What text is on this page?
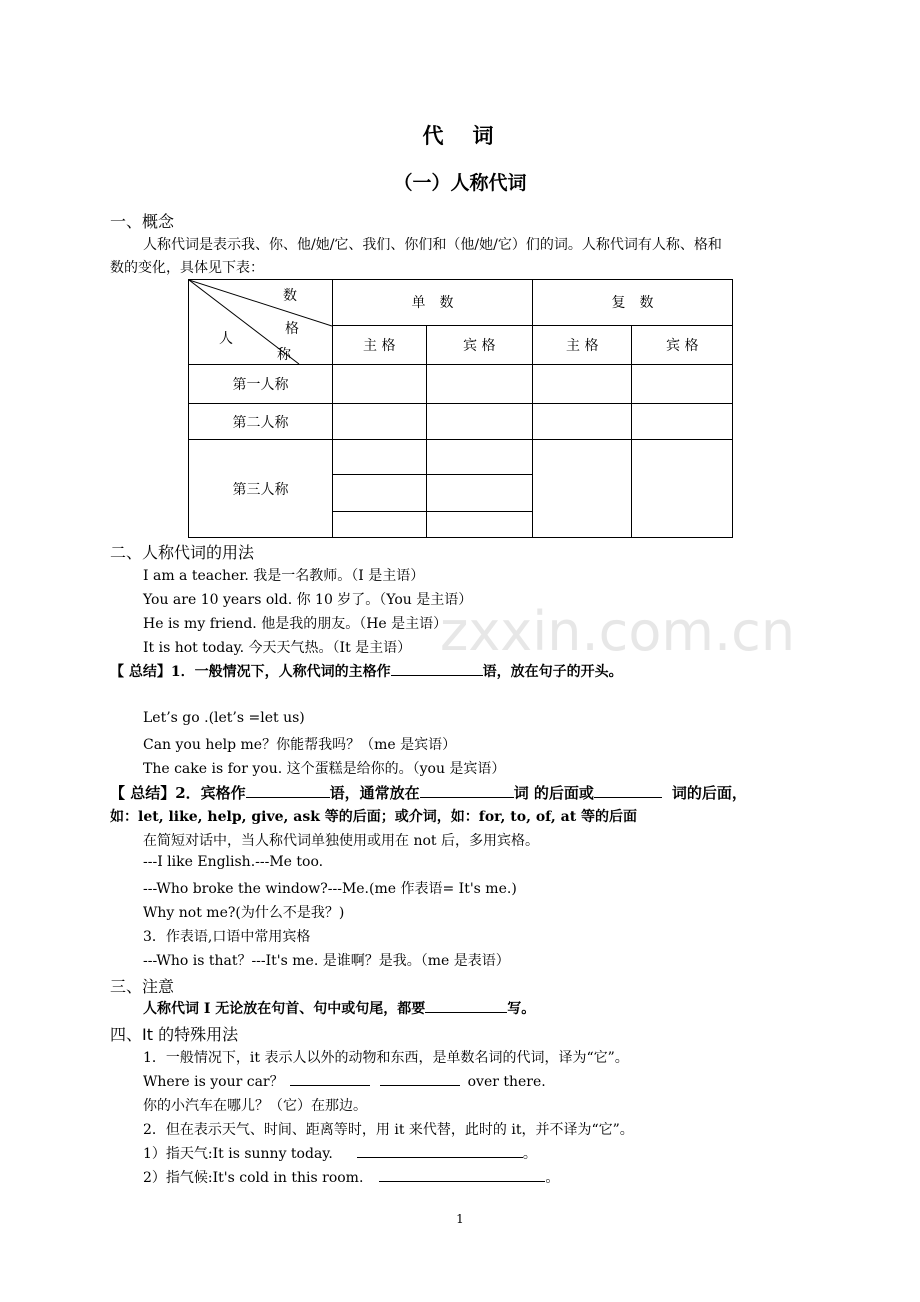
代　词
（一）人称代词
一、概念
人称代词是表示我、你、他/她/它、我们、你们和（他/她/它）们的词。人称代词有人称、格和
数的变化，具体见下表：
数
格
人
称	单　数		复　数	
	主 格	宾 格	主 格	宾 格
第一人称				
第二人称				
第三人称				

二、人称代词的用法
I am a teacher. 我是一名教师。（I 是主语）
You are 10 years old. 你 10 岁了。（You 是主语）
He is my friend. 他是我的朋友。（He 是主语）
It is hot today. 今天天气热。（It 是主语）
【 总结】1．一般情况下，人称代词的主格作	语，放在句子的开头。
Let’s go .(let’s =let us)
Can you help me？你能帮我吗？（me 是宾语）
The cake is for you. 这个蛋糕是给你的。（you 是宾语）
【 总结】2．宾格作	语，通常放在	词 的后面或	词的后面，
如：let, like, help, give, ask 等的后面；或介词，如：for, to, of, at 等的后面
在简短对话中，当人称代词单独使用或用在 not 后，多用宾格。
---I like English.---Me too.
---Who broke the window?---Me.(me 作表语= It's me.)
Why not me?(为什么不是我？)
3．作表语,口语中常用宾格
---Who is that？---It's me. 是谁啊？是我。（me 是表语）
三、注意
人称代词 I 无论放在句首、句中或句尾，都要	写。
四、It 的特殊用法
1．一般情况下，it 表示人以外的动物和东西，是单数名词的代词，译为“它”。
Where is your car？	over there.
你的小汽车在哪儿？（它）在那边。
2．但在表示天气、时间、距离等时，用 it 来代替，此时的 it，并不译为“它”。
1）指天气:It is sunny today.	。
2）指气候:It's cold in this room.	。
zxxin.com.cn
1
